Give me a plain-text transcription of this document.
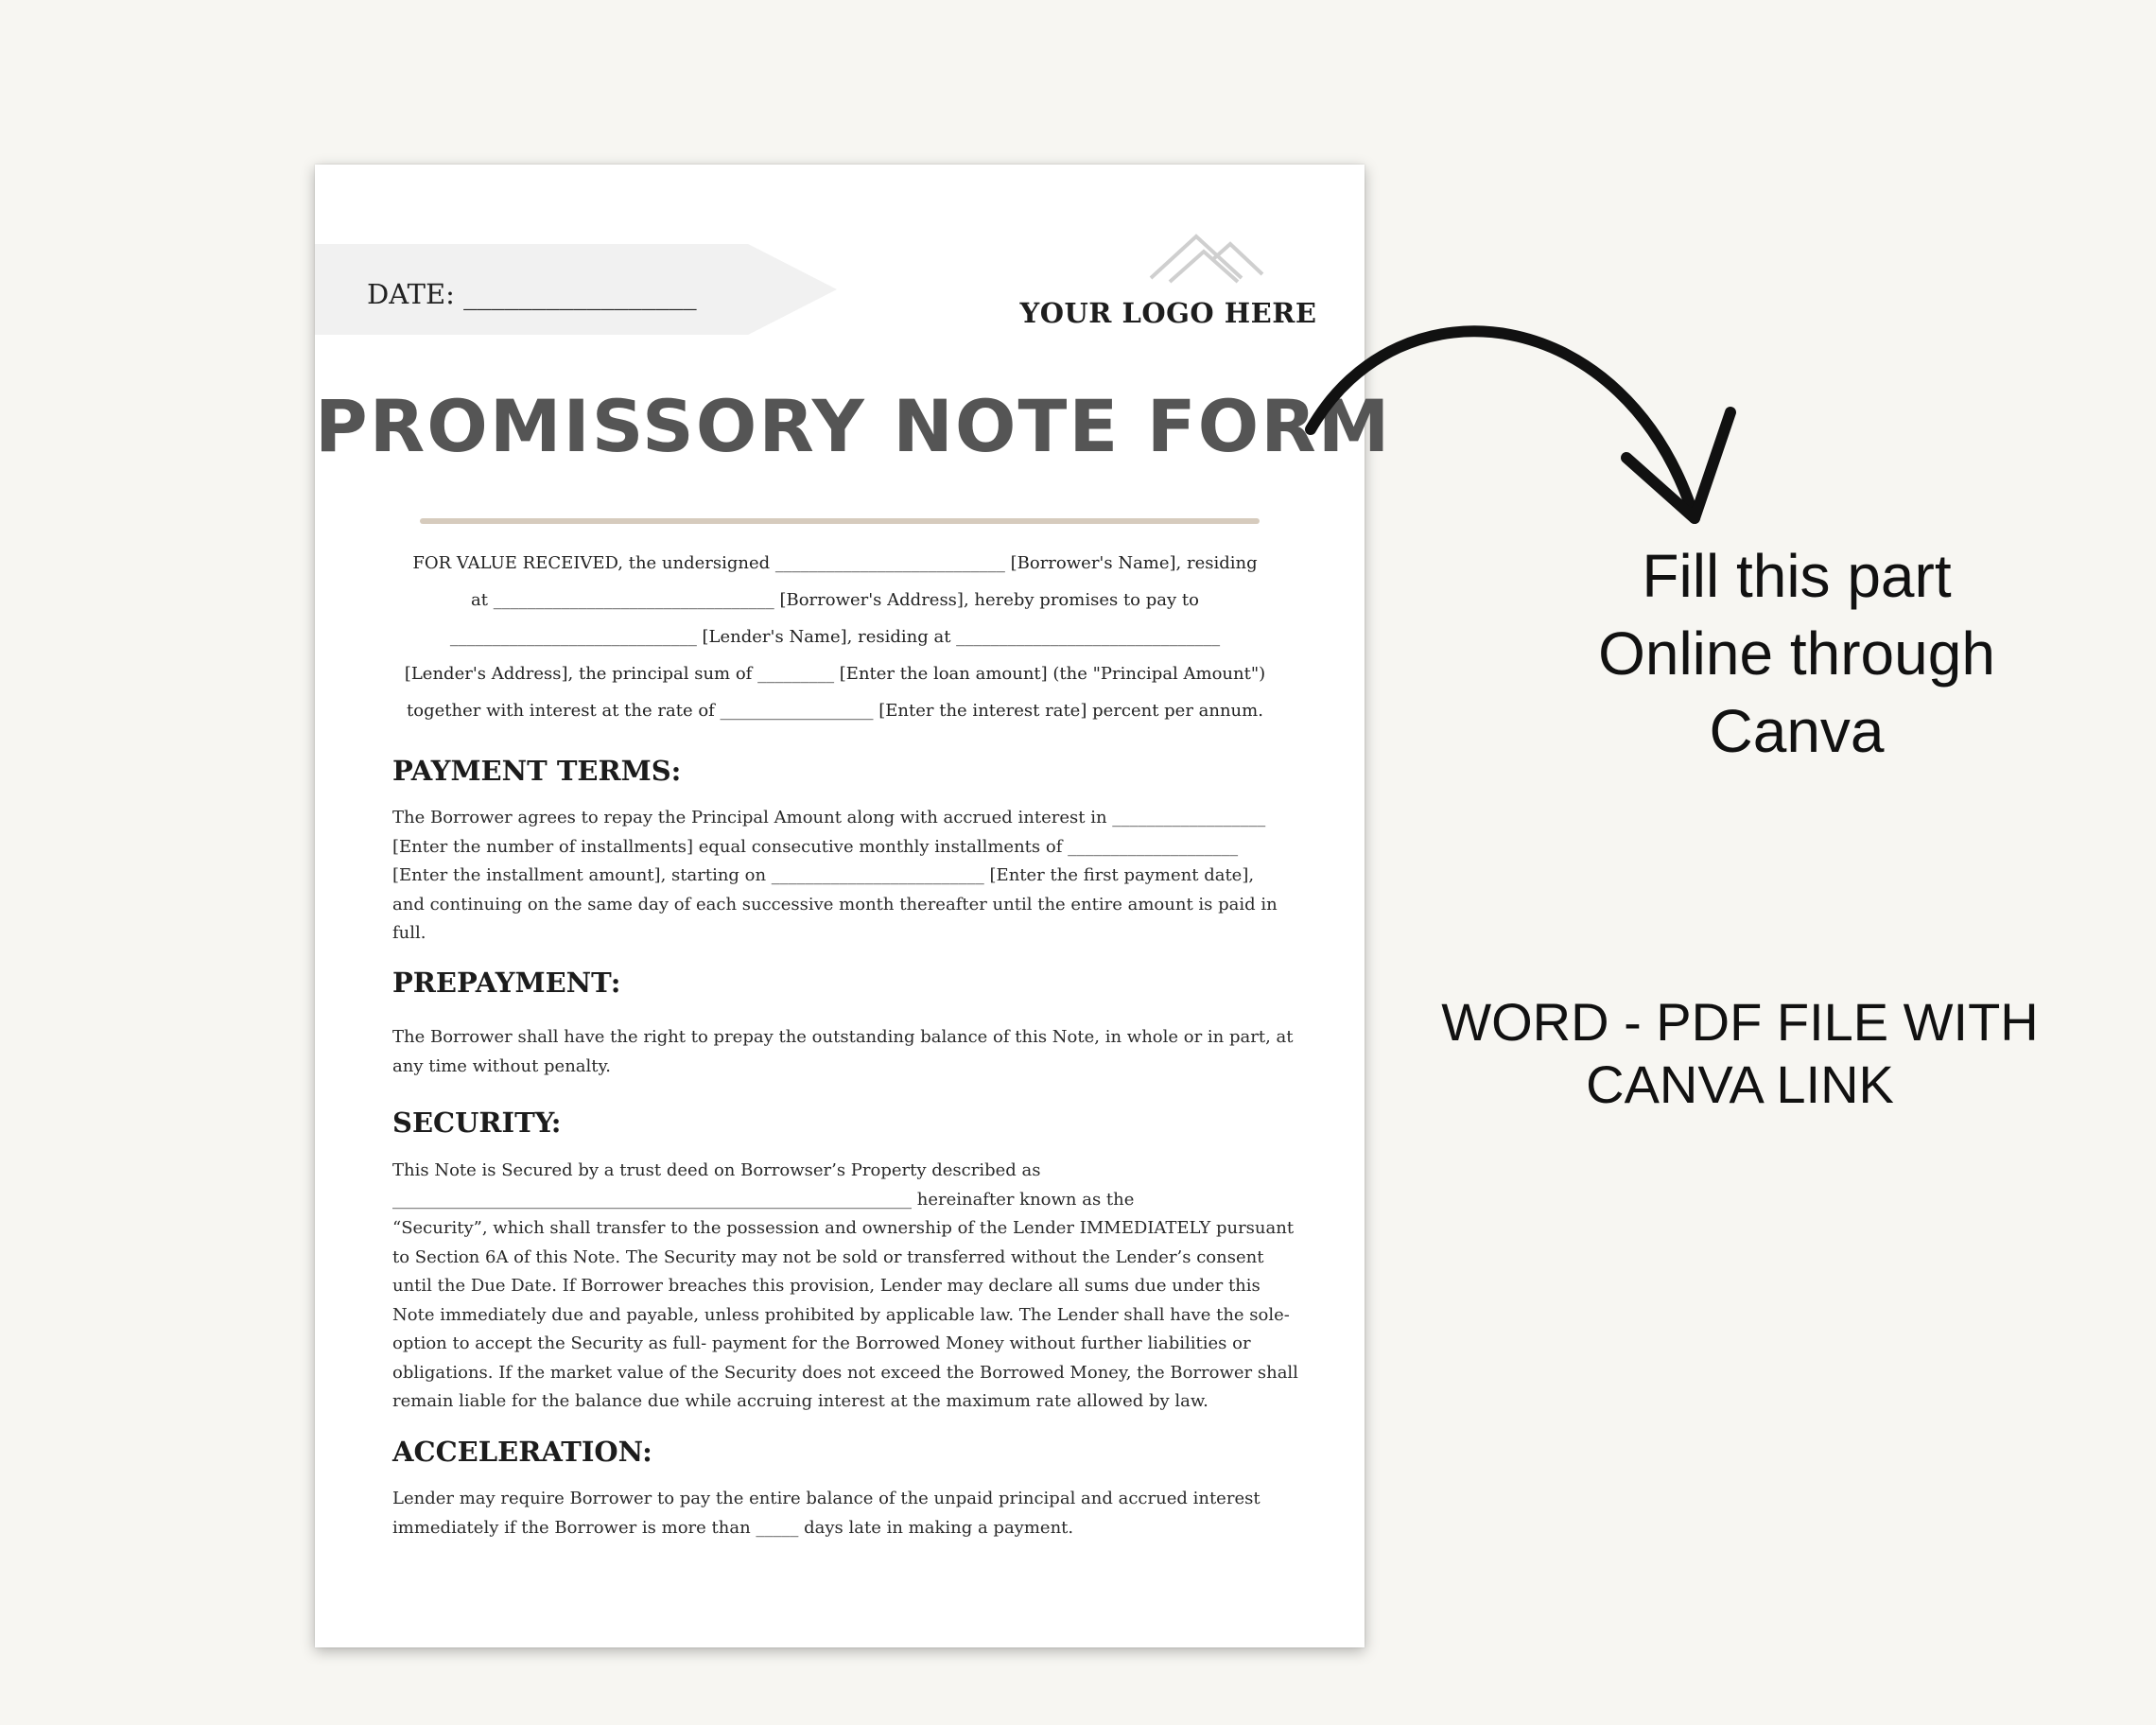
DATE: _________________
YOUR LOGO HERE
PROMISSORY NOTE FORM
FOR VALUE RECEIVED, the undersigned ___________________________ [Borrower's Name], residing
at _________________________________ [Borrower's Address], hereby promises to pay to
_____________________________ [Lender's Name], residing at _______________________________
[Lender's Address], the principal sum of _________ [Enter the loan amount] (the "Principal Amount")
together with interest at the rate of __________________ [Enter the interest rate] percent per annum.
PAYMENT TERMS:
The Borrower agrees to repay the Principal Amount along with accrued interest in __________________
[Enter the number of installments] equal consecutive monthly installments of ____________________
[Enter the installment amount], starting on _________________________ [Enter the first payment date],
and continuing on the same day of each successive month thereafter until the entire amount is paid in
full.
PREPAYMENT:
The Borrower shall have the right to prepay the outstanding balance of this Note, in whole or in part, at
any time without penalty.
SECURITY:
This Note is Secured by a trust deed on Borrowser’s Property described as
_____________________________________________________________ hereinafter known as the
“Security”, which shall transfer to the possession and ownership of the Lender IMMEDIATELY pursuant
to Section 6A of this Note. The Security may not be sold or transferred without the Lender’s consent
until the Due Date. If Borrower breaches this provision, Lender may declare all sums due under this
Note immediately due and payable, unless prohibited by applicable law. The Lender shall have the sole-
option to accept the Security as full- payment for the Borrowed Money without further liabilities or
obligations. If the market value of the Security does not exceed the Borrowed Money, the Borrower shall
remain liable for the balance due while accruing interest at the maximum rate allowed by law.
ACCELERATION:
Lender may require Borrower to pay the entire balance of the unpaid principal and accrued interest
immediately if the Borrower is more than _____ days late in making a payment.
Fill this part
Online through
Canva
WORD - PDF FILE WITH
CANVA LINK
